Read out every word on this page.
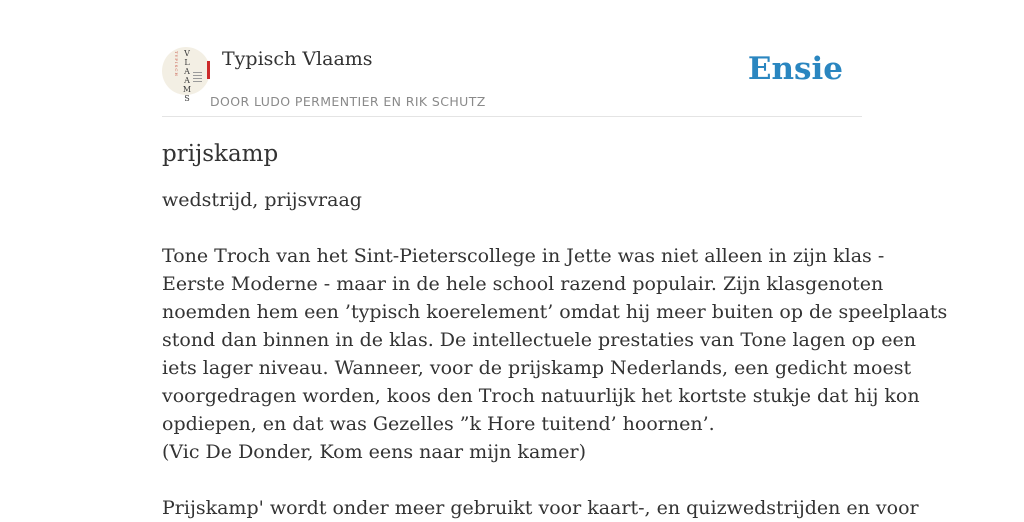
TYPISCH V
L
A
A
M
S
Typisch Vlaams
DOOR LUDO PERMENTIER EN RIK SCHUTZ
Ensie
prijskamp

wedstrijd, prijsvraag

Tone Troch van het Sint-Pieterscollege in Jette was niet alleen in zijn klas -
Eerste Moderne - maar in de hele school razend populair. Zijn klasgenoten
noemden hem een ’typisch koerelement’ omdat hij meer buiten op de speelplaats
stond dan binnen in de klas. De intellectuele prestaties van Tone lagen op een
iets lager niveau. Wanneer, voor de prijskamp Nederlands, een gedicht moest
voorgedragen worden, koos den Troch natuurlijk het kortste stukje dat hij kon
opdiepen, en dat was Gezelles ”k Hore tuitend’ hoornen’.
(Vic De Donder, Kom eens naar mijn kamer)

Prijskamp' wordt onder meer gebruikt voor kaart-, en quizwedstrijden en voor
